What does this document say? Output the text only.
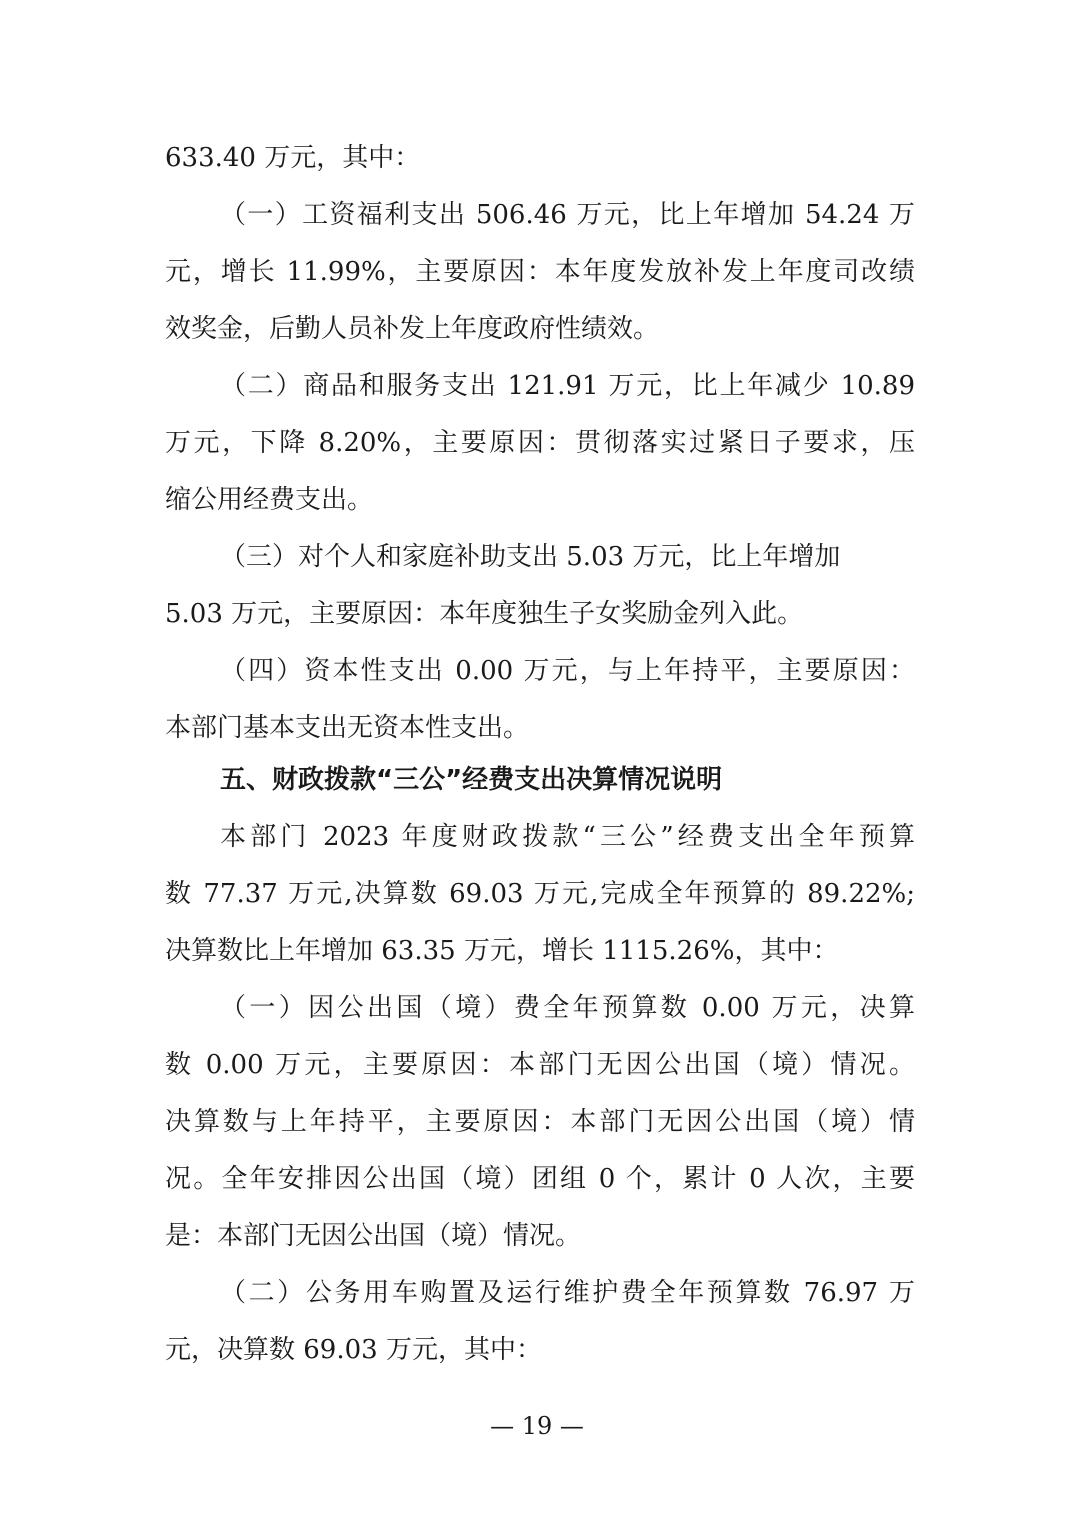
633.40 万元，其中：
（一）工资福利支出 506.46 万元，比上年增加 54.24 万
元，增长 11.99%，主要原因：本年度发放补发上年度司改绩
效奖金，后勤人员补发上年度政府性绩效。
（二）商品和服务支出 121.91 万元，比上年减少 10.89
万元，下降 8.20%，主要原因：贯彻落实过紧日子要求，压
缩公用经费支出。
（三）对个人和家庭补助支出 5.03 万元，比上年增加
5.03 万元，主要原因：本年度独生子女奖励金列入此。
（四）资本性支出 0.00 万元，与上年持平，主要原因：
本部门基本支出无资本性支出。
五、财政拨款“三公”经费支出决算情况说明
本部门 2023 年度财政拨款“三公”经费支出全年预算
数 77.37 万元,决算数 69.03 万元,完成全年预算的 89.22%;
决算数比上年增加 63.35 万元，增长 1115.26%，其中：
（一）因公出国（境）费全年预算数 0.00 万元，决算
数 0.00 万元，主要原因：本部门无因公出国（境）情况。
决算数与上年持平，主要原因：本部门无因公出国（境）情
况。全年安排因公出国（境）团组 0 个，累计 0 人次，主要
是：本部门无因公出国（境）情况。
（二）公务用车购置及运行维护费全年预算数 76.97 万
元，决算数 69.03 万元，其中：
— 19 —
